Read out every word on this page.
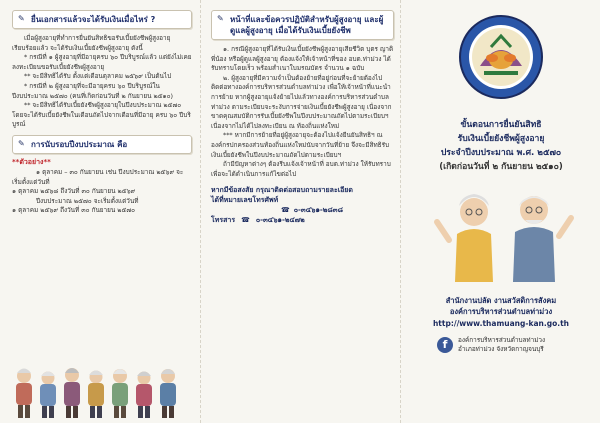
✎ ยื่นเอกสารแล้วจะได้รับเงินเมื่อไหร่ ?

เมื่อผู้สูงอายุที่ทำการยื่นยันสิทธิขอรับเบี้ยยังชีพผู้สูงอายุเรียบร้อยแล้ว จะได้รับเงินเบี้ยยังชีพผู้สูงอายุ ดังนี้

* กรณีที่ ๑ ผู้สูงอายุที่มีอายุครบ ๖๐ ปีบริบูรณ์แล้ว แต่ยังไม่เคยลงทะเบียนขอรับเบี้ยยังชีพผู้สูงอายุ

** จะมีสิทธิได้รับ ตั้งแต่เดือนตุลาคม ๒๕๖๙ เป็นต้นไป

* กรณีที่ ๒ ผู้สูงอายุที่จะมีอายุครบ ๖๐ ปีบริบูรณ์ในปีงบประมาณ ๒๕๗๐ (คนที่เกิดก่อนวันที่ ๒ กันยายน ๒๕๑๐)

** จะมีสิทธิได้รับเบี้ยยังชีพผู้สูงอายุในปีงบประมาณ ๒๕๗๐ โดยจะได้รับเบี้ยยังชีพในเดือนถัดไปจากเดือนที่มีอายุ ครบ ๖๐ ปีบริบูรณ์

✎ การนับรอบปีงบประมาณ คือ
**ตัวอย่าง**

๑ ตุลาคม – ๓๐ กันยายน เช่น ปีงบประมาณ ๒๕๖๙ จะเริ่มตั้งแต่วันที่

๑ ตุลาคม ๒๕๖๘ ถึงวันที่ ๓๐ กันยายน ๒๕๖๙

ปีงบประมาณ ๒๕๗๐ จะเริ่มตั้งแต่วันที่

๑ ตุลาคม ๒๕๖๙ ถึงวันที่ ๓๐ กันยายน ๒๕๗๐

✎ หน้าที่และข้อควรปฏิบัติสำหรับผู้สูงอายุ และผู้ดูแลผู้สูงอายุ เมื่อได้รับเงินเบี้ยยังชีพ

๑. กรณีผู้สูงอายุที่ได้รับเงินเบี้ยยังชีพผู้สูงอายุเสียชีวิต บุตร ญาติ พี่น้อง หรือผู้ดูแลผู้สูงอายุ ต้องแจ้งให้เจ้าหน้าที่ของ อบต.ท่าม่วง ได้รับทราบโดยเร็ว พร้อมสำเนาใบมรณบัตร จำนวน ๑ ฉบับ

๒. ผู้สูงอายุที่มีความจำเป็นต้องย้ายที่อยู่ก่อนที่จะย้ายต้องไปติดต่อทางองค์การบริหารส่วนตำบลท่าม่วง เพื่อให้เจ้าหน้าที่แนะนำการย้าย หากผู้สูงอายุแจ้งย้ายไปแล้วทางองค์การบริหารส่วนตำบลท่าม่วง ตามระเบียบจะระงับการจ่ายเงินเบี้ยยังชีพผู้สูงอายุ เนื่องจากขาดคุณสมบัติการรับเบี้ยยังชีพในปีงบประมาณถัดไปตามระเบียบฯ เนื่องจากไม่ได้ไปลงทะเบียน ณ ท้องถิ่นแห่งใหม่

*** หากมีการย้ายที่อยู่ผู้สูงอายุจะต้องไปแจ้งยืนยันสิทธิฯ ณ องค์กรปกครองส่วนท้องถิ่นแห่งใหม่นับจากวันที่ย้าย จึงจะมีสิทธิรับเงินเบี้ยยังชีพในปีงบประมาณถัดไปตามระเบียบฯ

ถ้ามีปัญหาต่างๆ ต้องรีบแจ้งเจ้าหน้าที่ อบต.ท่าม่วง ให้รับทราบ เพื่อจะได้ดำเนินการแก้ไขต่อไป

หากมีข้อสงสัย กรุณาติดต่อสอบถามรายละเอียด
ได้ที่หมายเลขโทรศัพท์
☎ ๐-๓๔๖๑-๒๘๓๘
โทรสาร ☎ ๐-๓๔๖๑-๒๔๗๒
ขั้นตอนการยื่นยันสิทธิ
รับเงินเบี้ยยังชีพผู้สูงอายุ
ประจำปีงบประมาณ พ.ศ. ๒๕๗๐
(เกิดก่อนวันที่ ๒ กันยายน ๒๕๑๐)
สำนักงานปลัด งานสวัสดิการสังคม
องค์การบริหารส่วนตำบลท่าม่วง
http://www.thamuang-kan.go.th
f	องค์การบริหารส่วนตำบลท่าม่วง
อำเภอท่าม่วง จังหวัดกาญจนบุรี
